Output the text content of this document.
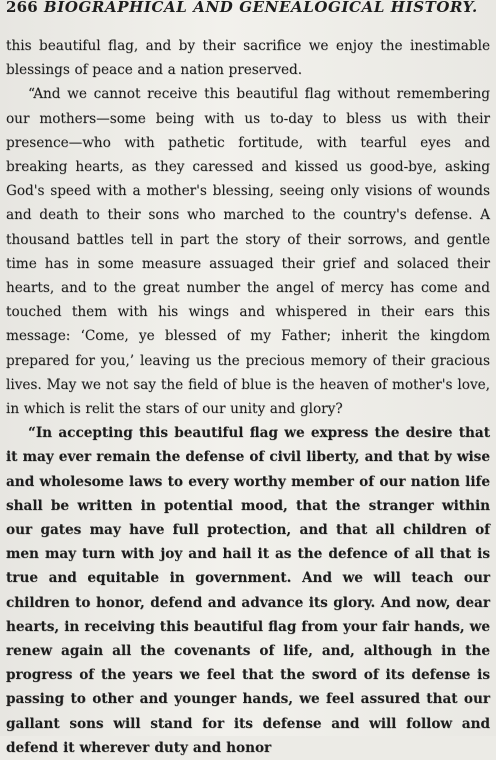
266 BIOGRAPHICAL AND GENEALOGICAL HISTORY.

this beautiful flag, and by their sacrifice we enjoy the inestimable blessings of peace and a nation preserved.

“And we cannot receive this beautiful flag without remembering our mothers—some being with us to-day to bless us with their presence—who with pathetic fortitude, with tearful eyes and breaking hearts, as they caressed and kissed us good-bye, asking God's speed with a mother's blessing, seeing only visions of wounds and death to their sons who marched to the country's defense. A thousand battles tell in part the story of their sorrows, and gentle time has in some measure assuaged their grief and solaced their hearts, and to the great number the angel of mercy has come and touched them with his wings and whispered in their ears this message: ‘Come, ye blessed of my Father; inherit the kingdom prepared for you,’ leaving us the precious memory of their gracious lives. May we not say the field of blue is the heaven of mother's love, in which is relit the stars of our unity and glory?

“In accepting this beautiful flag we express the desire that it may ever remain the defense of civil liberty, and that by wise and wholesome laws to every worthy member of our nation life shall be written in potential mood, that the stranger within our gates may have full protection, and that all children of men may turn with joy and hail it as the defence of all that is true and equitable in government. And we will teach our children to honor, defend and advance its glory. And now, dear hearts, in receiving this beautiful flag from your fair hands, we renew again all the covenants of life, and, although in the progress of the years we feel that the sword of its defense is passing to other and younger hands, we feel assured that our gallant sons will stand for its defense and will follow and defend it wherever duty and honor
